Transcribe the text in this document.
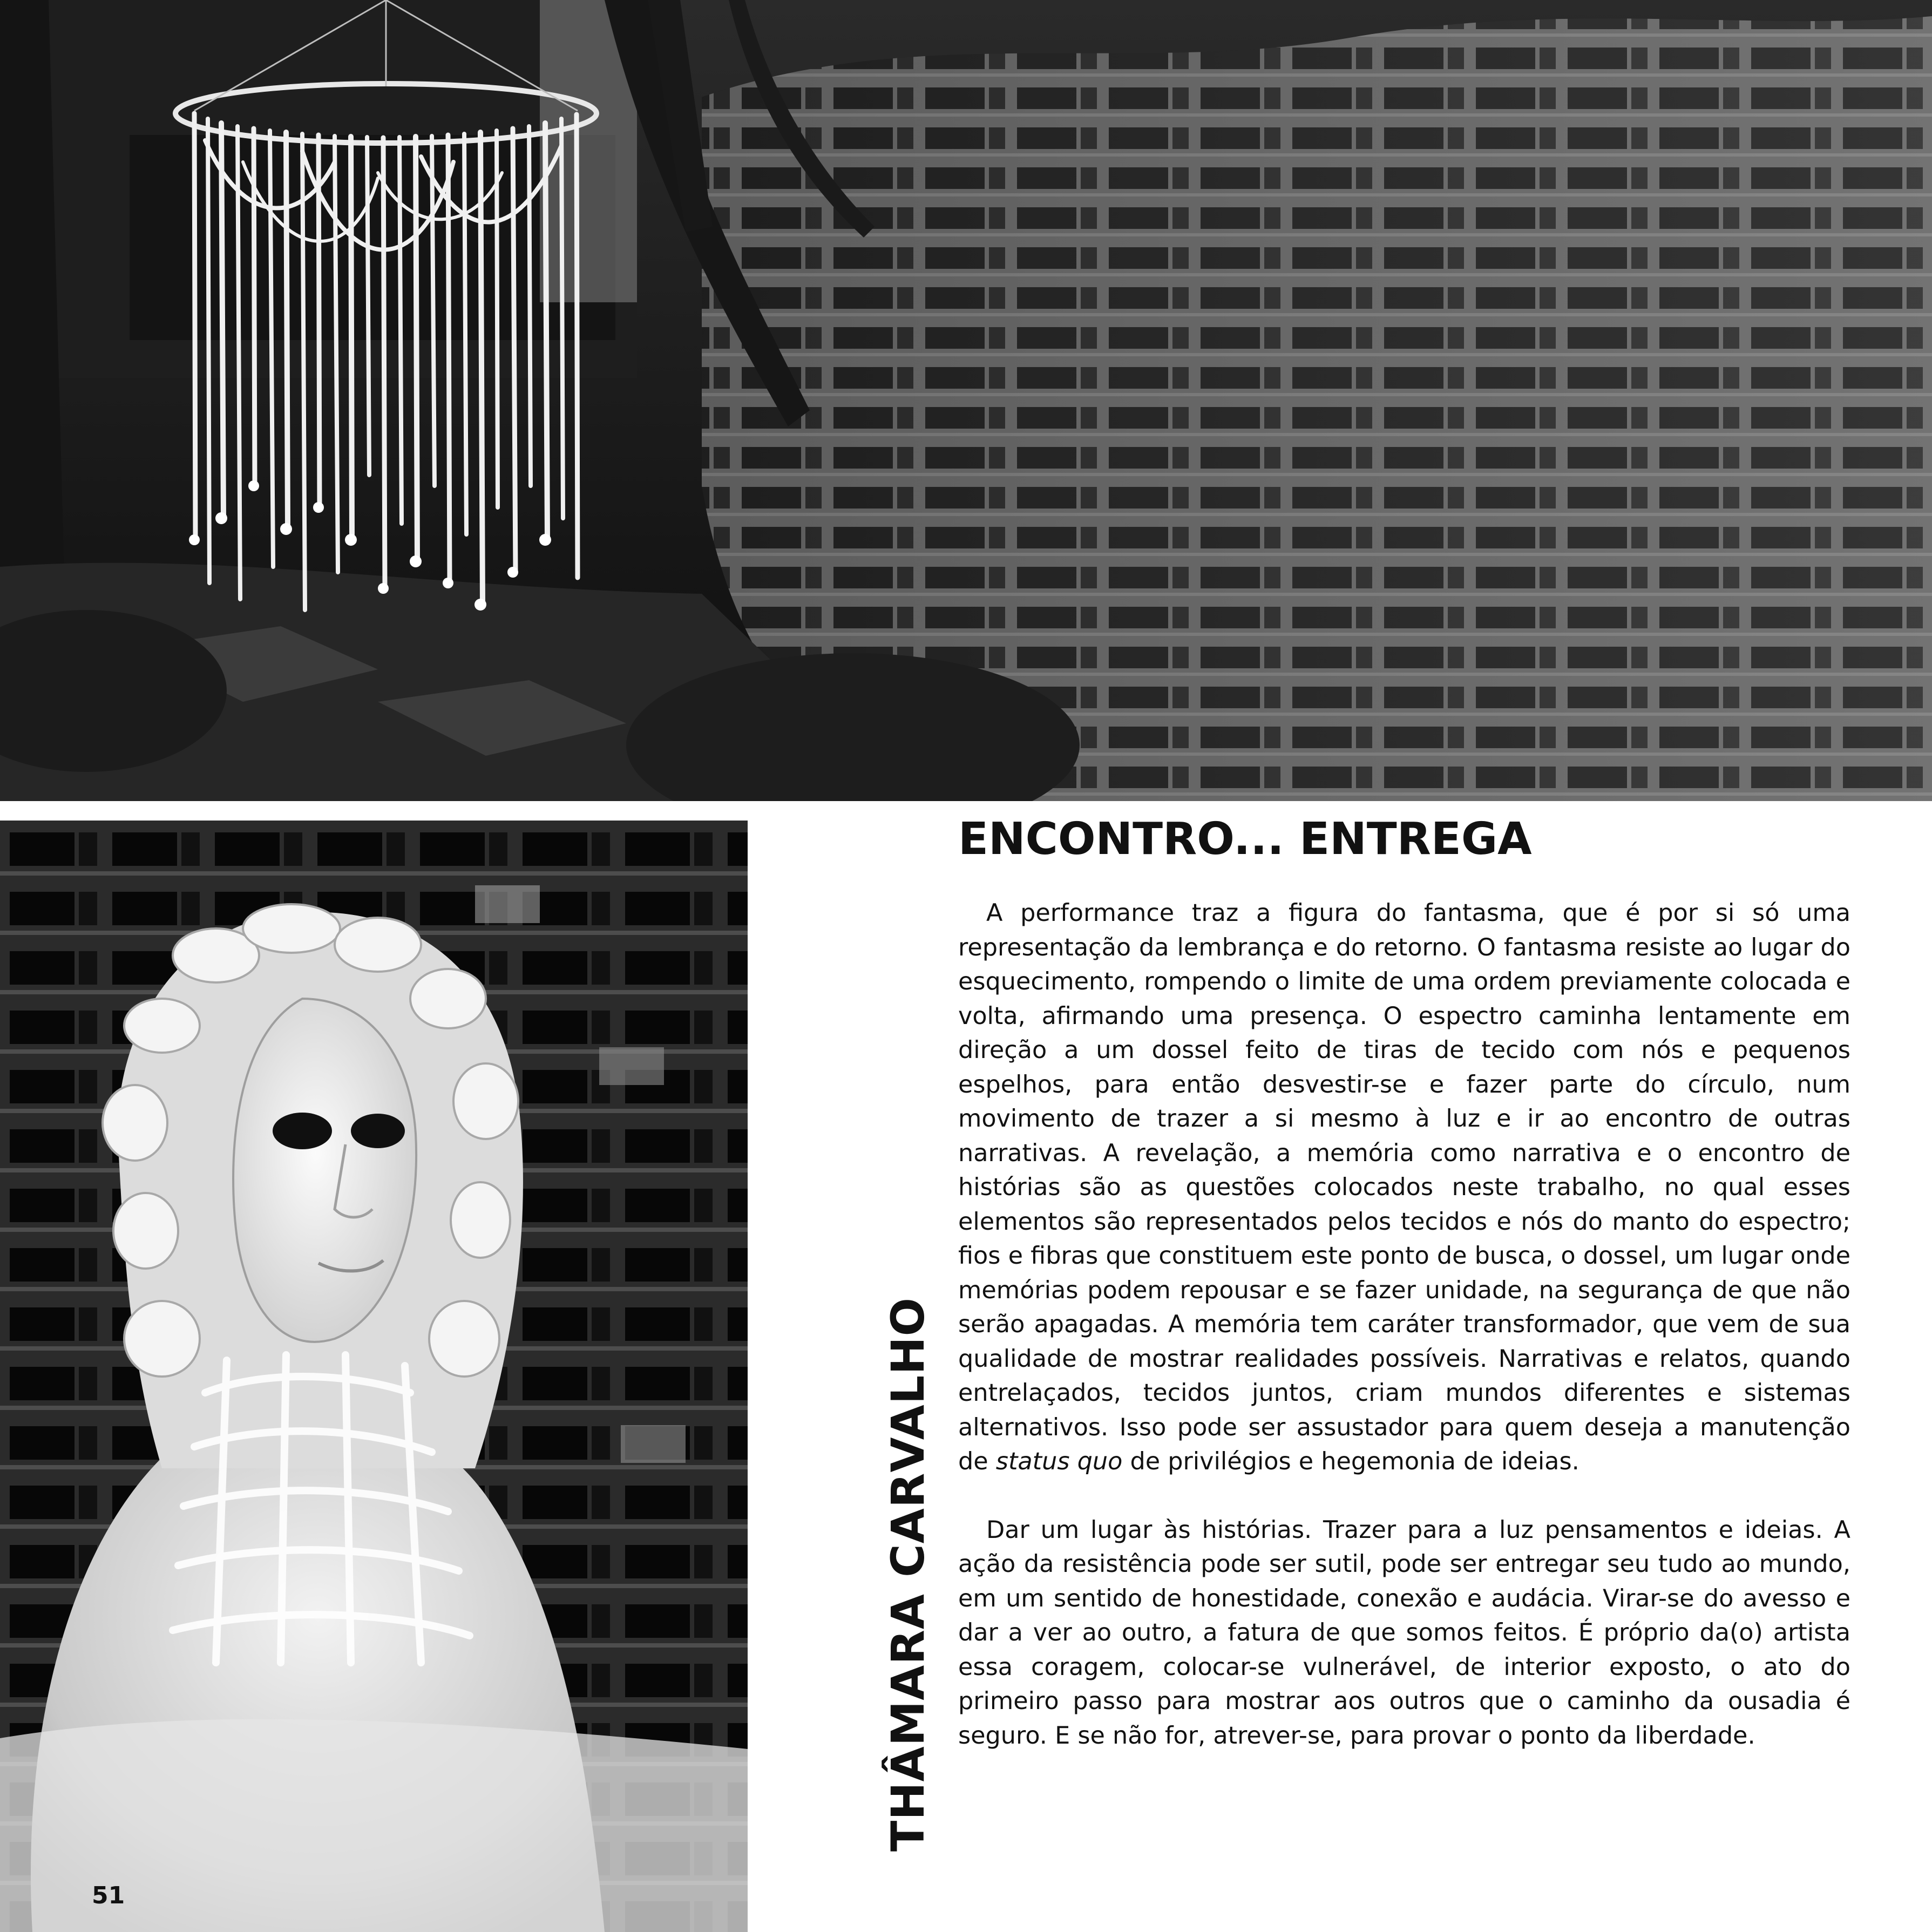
51
THÂMARA CARVALHO
ENCONTRO... ENTREGA

A performance traz a figura do fantasma, que é por si só uma representação da lembrança e do retorno. O fantasma resiste ao lugar do esquecimento, rompendo o limite de uma ordem previamente colocada e volta, afirmando uma presença. O espectro caminha lentamente em direção a um dossel feito de tiras de tecido com nós e pequenos espelhos, para então desvestir-se e fazer parte do círculo, num movimento de trazer a si mesmo à luz e ir ao encontro de outras narrativas. A revelação, a memória como narrativa e o encontro de histórias são as questões colocados neste trabalho, no qual esses elementos são representados pelos tecidos e nós do manto do espectro; fios e fibras que constituem este ponto de busca, o dossel, um lugar onde memórias podem repousar e se fazer unidade, na segurança de que não serão apagadas. A memória tem caráter transformador, que vem de sua qualidade de mostrar realidades possíveis. Narrativas e relatos, quando entrelaçados, tecidos juntos, criam mundos diferentes e sistemas alternativos. Isso pode ser assustador para quem deseja a manutenção de status quo de privilégios e hegemonia de ideias.

Dar um lugar às histórias. Trazer para a luz pensamentos e ideias. A ação da resistência pode ser sutil, pode ser entregar seu tudo ao mundo, em um sentido de honestidade, conexão e audácia. Virar-se do avesso e dar a ver ao outro, a fatura de que somos feitos. É próprio da(o) artista essa coragem, colocar-se vulnerável, de interior exposto, o ato do primeiro passo para mostrar aos outros que o caminho da ousadia é seguro. E se não for, atrever-se, para provar o ponto da liberdade.
